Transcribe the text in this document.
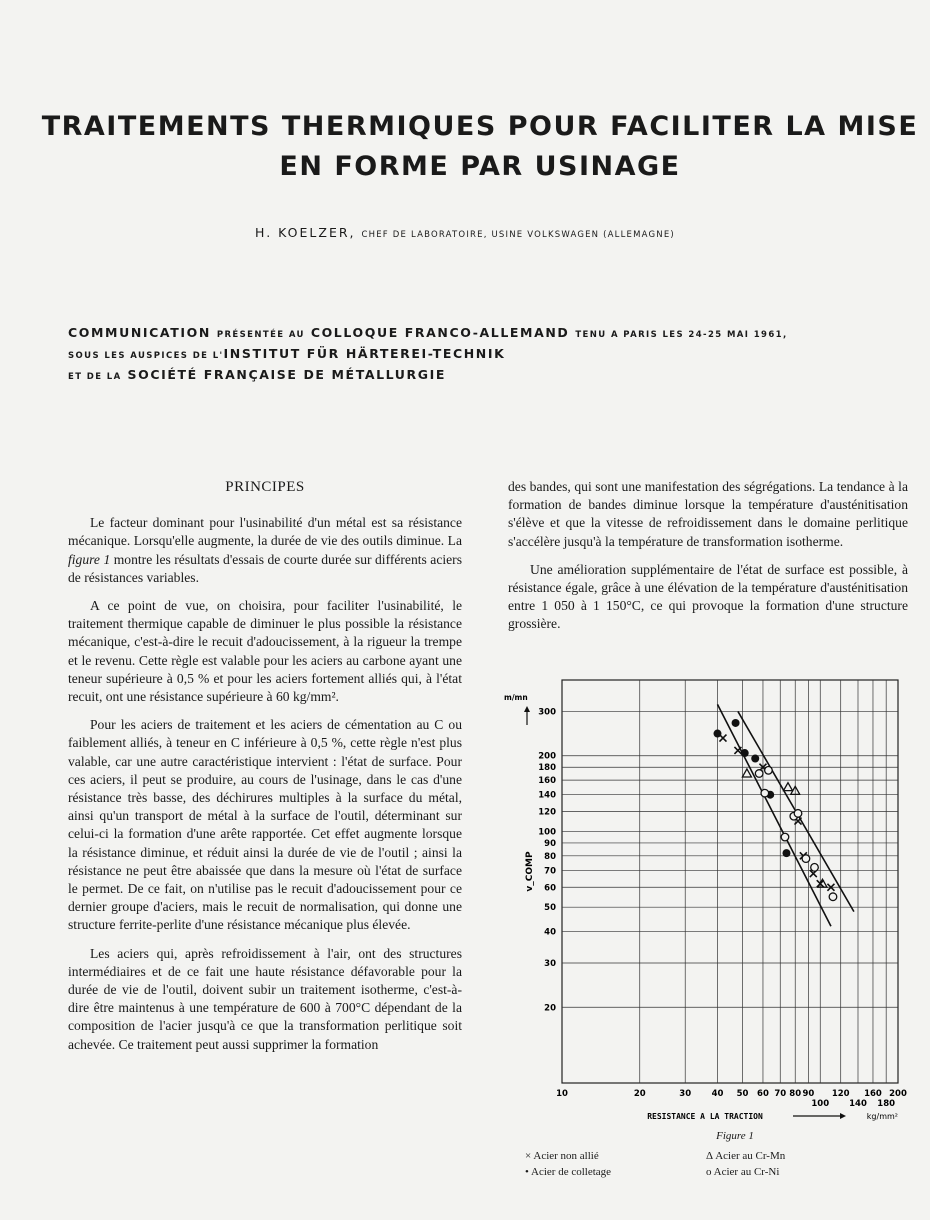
TRAITEMENTS THERMIQUES POUR FACILITER LA MISE
EN FORME PAR USINAGE
H. KOELZER, CHEF DE LABORATOIRE, USINE VOLKSWAGEN (ALLEMAGNE)
COMMUNICATION PRÉSENTÉE AU COLLOQUE FRANCO-ALLEMAND TENU A PARIS LES 24-25 MAI 1961,
SOUS LES AUSPICES DE L'INSTITUT FÜR HÄRTEREI-TECHNIK
ET DE LA SOCIÉTÉ FRANÇAISE DE MÉTALLURGIE
PRINCIPES

Le facteur dominant pour l'usinabilité d'un métal est sa résistance mécanique. Lorsqu'elle augmente, la durée de vie des outils diminue. La figure 1 montre les résultats d'essais de courte durée sur différents aciers de résistances variables.

A ce point de vue, on choisira, pour faciliter l'usinabilité, le traitement thermique capable de diminuer le plus possible la résistance mécanique, c'est-à-dire le recuit d'adoucissement, à la rigueur la trempe et le revenu. Cette règle est valable pour les aciers au carbone ayant une teneur supérieure à 0,5 % et pour les aciers fortement alliés qui, à l'état recuit, ont une résistance supérieure à 60 kg/mm².

Pour les aciers de traitement et les aciers de cémentation au C ou faiblement alliés, à teneur en C inférieure à 0,5 %, cette règle n'est plus valable, car une autre caractéristique intervient : l'état de surface. Pour ces aciers, il peut se produire, au cours de l'usinage, dans le cas d'une résistance très basse, des déchirures multiples à la surface du métal, ainsi qu'un transport de métal à la surface de l'outil, déterminant sur celui-ci la formation d'une arête rapportée. Cet effet augmente lorsque la résistance diminue, et réduit ainsi la durée de vie de l'outil ; ainsi la résistance ne peut être abaissée que dans la mesure où l'état de surface le permet. De ce fait, on n'utilise pas le recuit d'adoucissement pour ce dernier groupe d'aciers, mais le recuit de normalisation, qui donne une structure ferrite-perlite d'une résistance mécanique plus élevée.

Les aciers qui, après refroidissement à l'air, ont des structures intermédiaires et de ce fait une haute résistance défavorable pour la durée de vie de l'outil, doivent subir un traitement isotherme, c'est-à-dire être maintenus à une température de 600 à 700°C dépendant de la composition de l'acier jusqu'à ce que la transformation perlitique soit achevée. Ce traitement peut aussi supprimer la formation

des bandes, qui sont une manifestation des ségrégations. La tendance à la formation de bandes diminue lorsque la température d'austénitisation s'élève et que la vitesse de refroidissement dans le domaine perlitique s'accélère jusqu'à la température de transformation isotherme.

Une amélioration supplémentaire de l'état de surface est possible, à résistance égale, grâce à une élévation de la température d'austénitisation entre 1 050 à 1 150°C, ce qui provoque la formation d'une structure grossière.

20
30
40
50
60
70
80
90
100
120
140
160
180
200
300
10	20	30 40 50 60 70 80 90 120 160 200
100 140 180
m/mn
v_COMP
RESISTANCE A LA TRACTION	kg/mm²
Figure 1
× Acier non allié
• Acier de colletage
Δ Acier au Cr-Mn
o Acier au Cr-Ni
